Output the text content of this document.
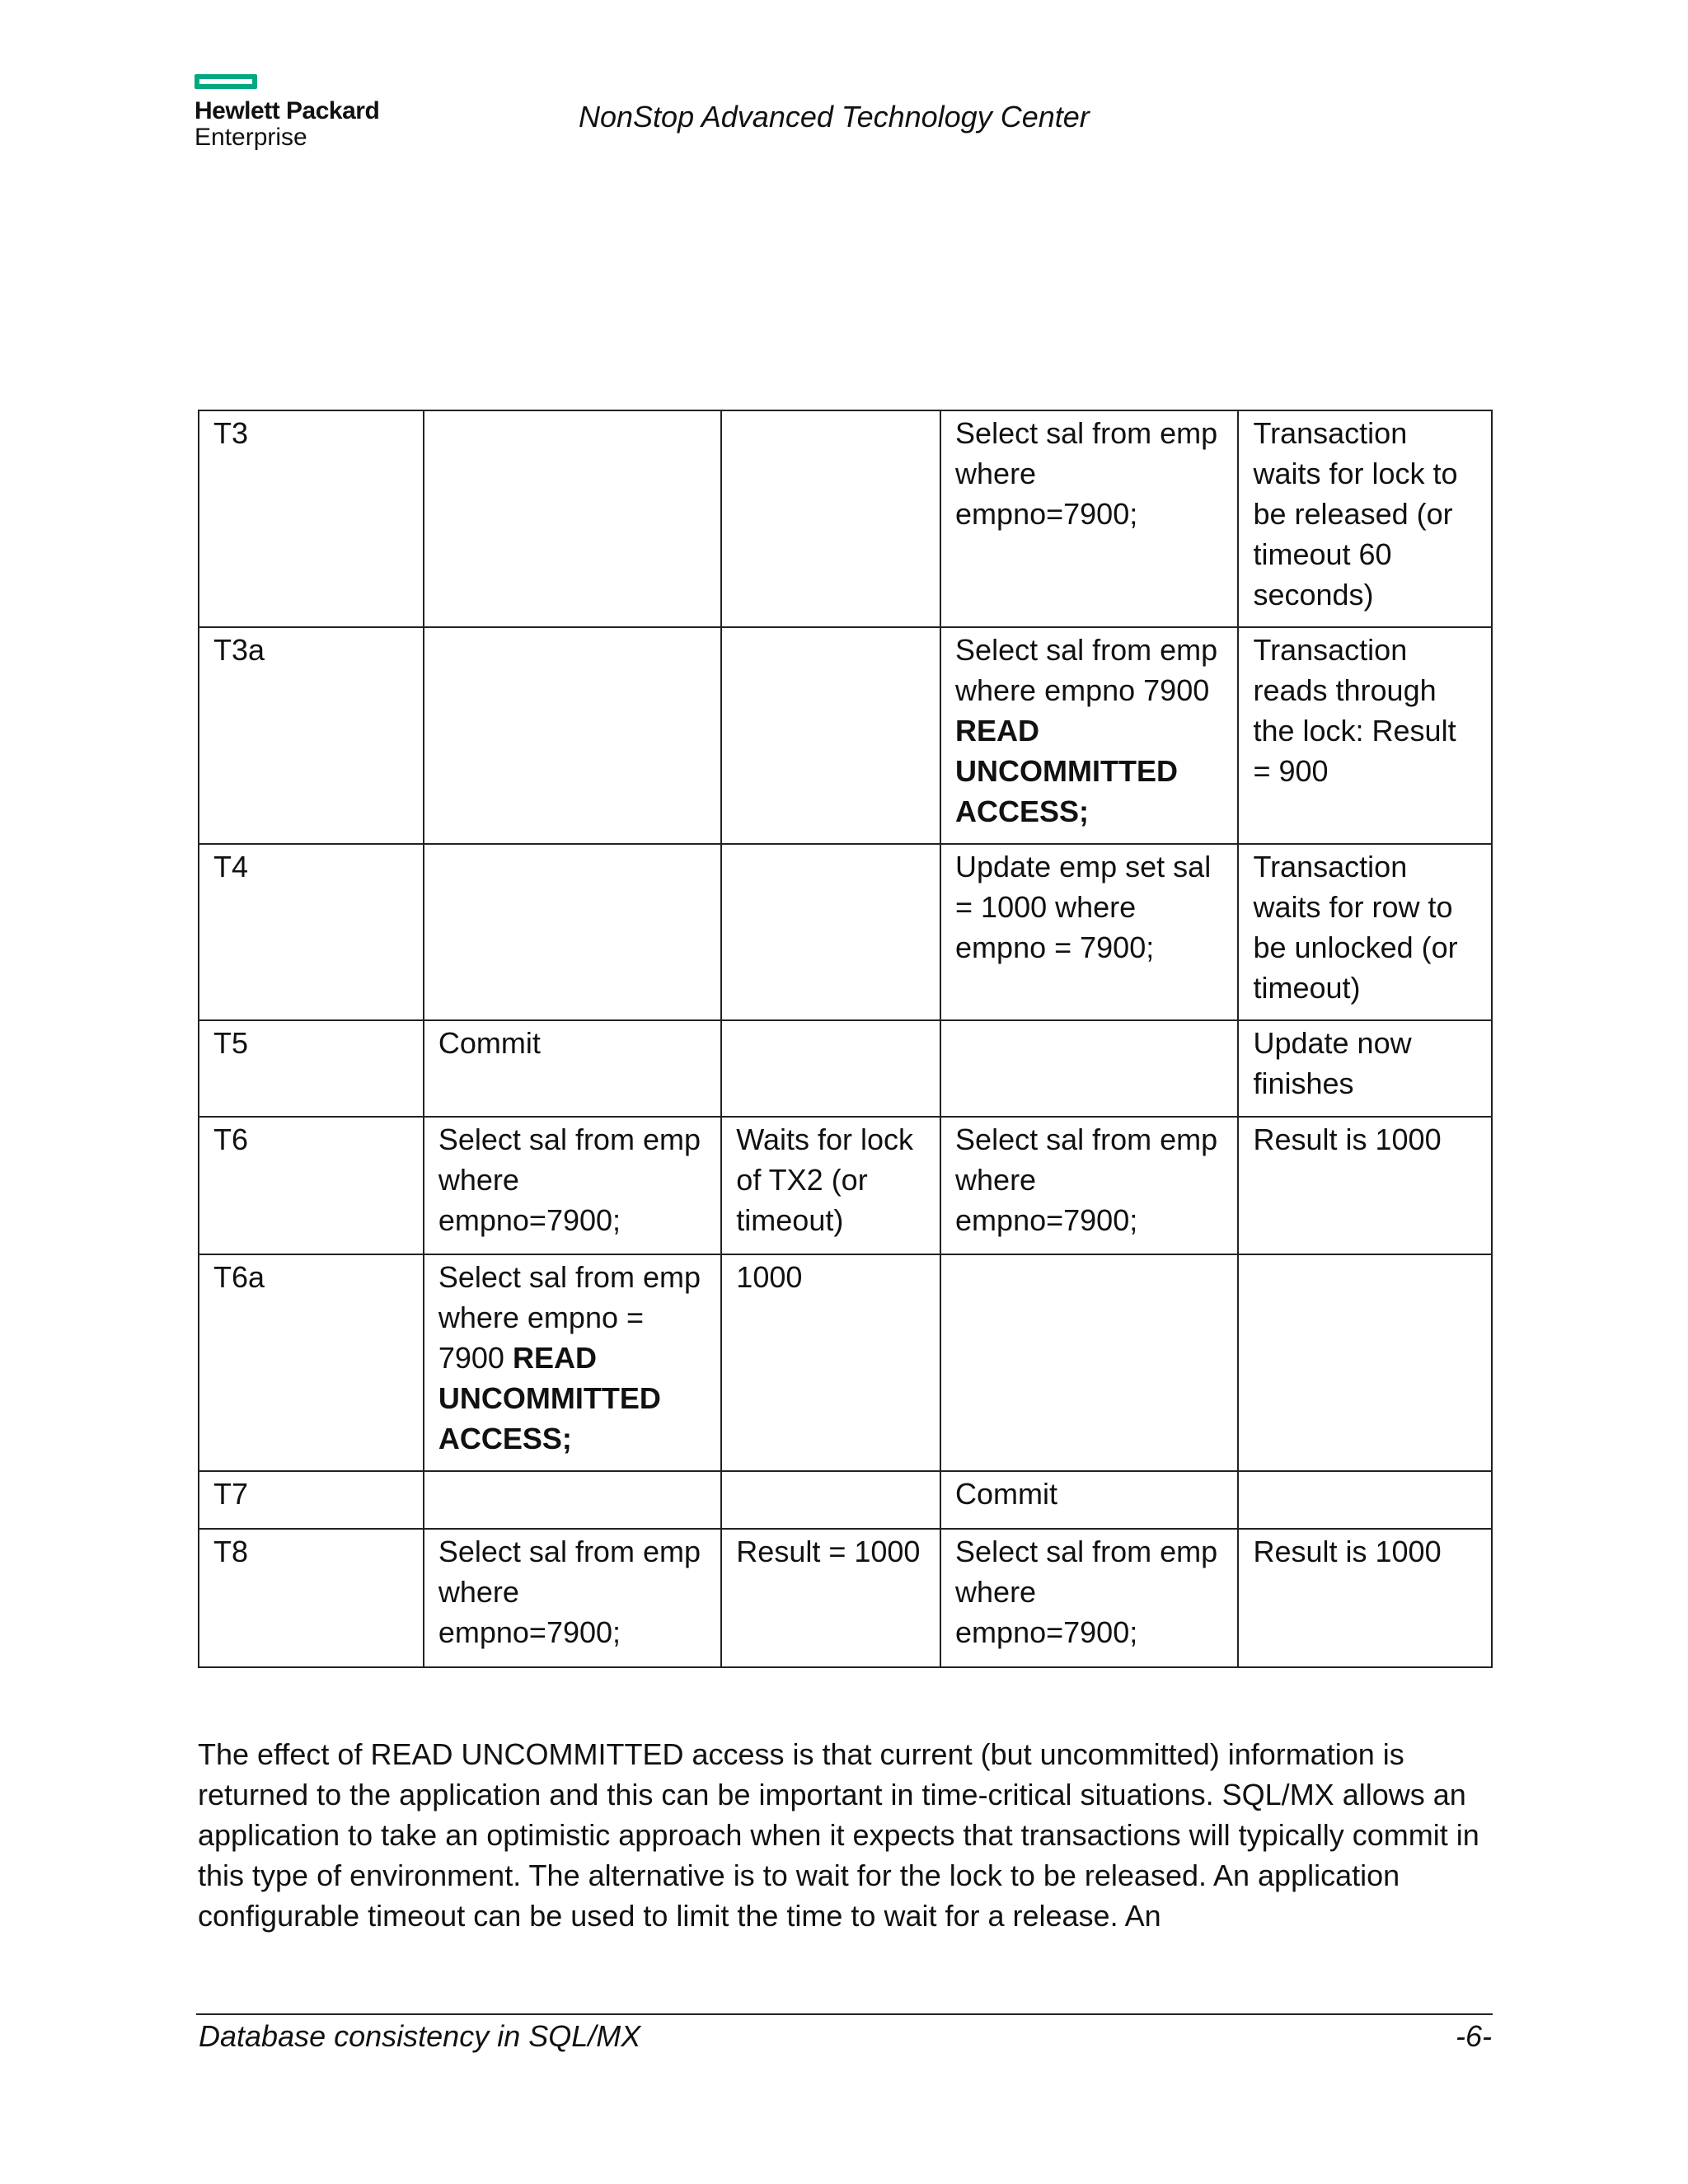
Hewlett Packard
Enterprise
NonStop Advanced Technology Center
T3			Select sal from emp where empno=7900;	Transaction waits for lock to be released (or timeout 60 seconds)
T3a			Select sal from emp where empno 7900 READ UNCOMMITTED ACCESS;	Transaction reads through the lock: Result = 900
T4			Update emp set sal = 1000 where empno = 7900;	Transaction waits for row to be unlocked (or timeout)
T5	Commit			Update now finishes
T6	Select sal from emp where empno=7900;	Waits for lock of TX2 (or timeout)	Select sal from emp where empno=7900;	Result is 1000
T6a	Select sal from emp where empno = 7900 READ UNCOMMITTED ACCESS;	1000		
T7			Commit	
T8	Select sal from emp where empno=7900;	Result = 1000	Select sal from emp where empno=7900;	Result is 1000
The effect of READ UNCOMMITTED access is that current (but uncommitted) information is returned to the application and this can be important in time-critical situations. SQL/MX allows an application to take an optimistic approach when it expects that transactions will typically commit in this type of environment. The alternative is to wait for the lock to be released. An application configurable timeout can be used to limit the time to wait for a release. An
Database consistency in SQL/MX	-6-
